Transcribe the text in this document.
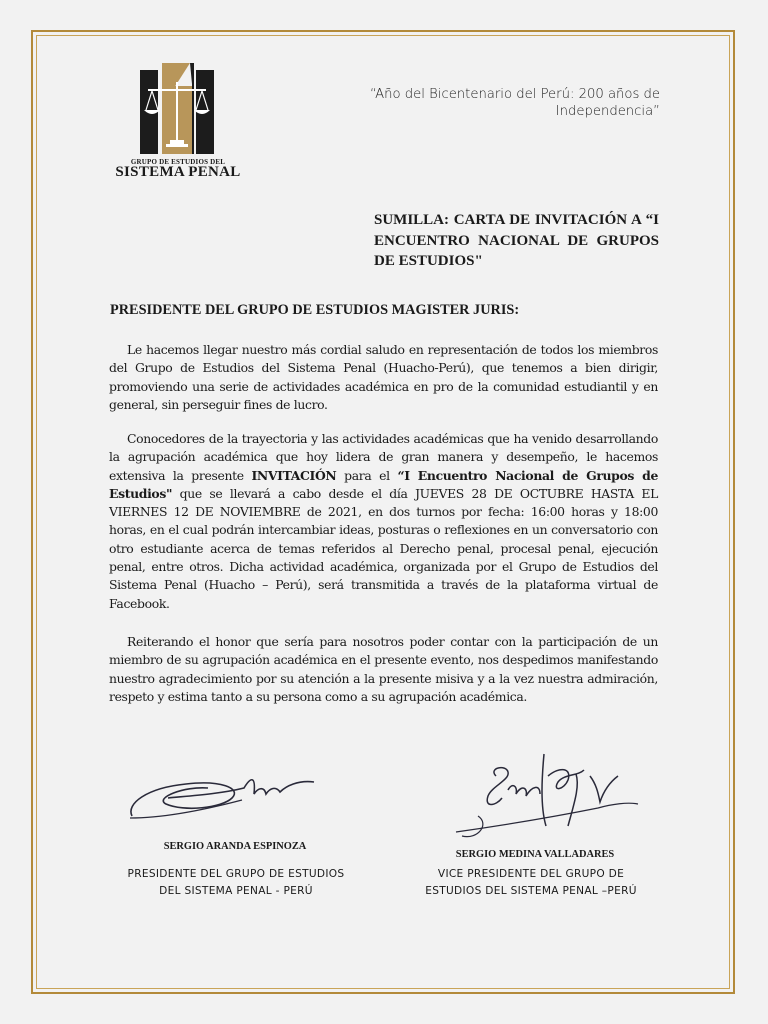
GRUPO DE ESTUDIOS DEL
SISTEMA PENAL
“Año del Bicentenario del Perú: 200 años de
Independencia”
SUMILLA: CARTA DE INVITACIÓN A “I ENCUENTRO NACIONAL DE GRUPOS DE ESTUDIOS"
PRESIDENTE DEL GRUPO DE ESTUDIOS MAGISTER JURIS:

Le hacemos llegar nuestro más cordial saludo en representación de todos los miembros del Grupo de Estudios del Sistema Penal (Huacho-Perú), que tenemos a bien dirigir, promoviendo una serie de actividades académica en pro de la comunidad estudiantil y en general, sin perseguir fines de lucro.

Conocedores de la trayectoria y las actividades académicas que ha venido desarrollando la agrupación académica que hoy lidera de gran manera y desempeño, le hacemos extensiva la presente INVITACIÓN para el “I Encuentro Nacional de Grupos de Estudios" que se llevará a cabo desde el día JUEVES 28 DE OCTUBRE HASTA EL VIERNES 12 DE NOVIEMBRE de 2021, en dos turnos por fecha: 16:00 horas y 18:00 horas, en el cual podrán intercambiar ideas, posturas o reflexiones en un conversatorio con otro estudiante acerca de temas referidos al Derecho penal, procesal penal, ejecución penal, entre otros. Dicha actividad académica, organizada por el Grupo de Estudios del Sistema Penal (Huacho – Perú), será transmitida a través de la plataforma virtual de Facebook.

Reiterando el honor que sería para nosotros poder contar con la participación de un miembro de su agrupación académica en el presente evento, nos despedimos manifestando nuestro agradecimiento por su atención a la presente misiva y a la vez nuestra admiración, respeto y estima tanto a su persona como a su agrupación académica.

SERGIO ARANDA ESPINOZA
PRESIDENTE DEL GRUPO DE ESTUDIOS
DEL SISTEMA PENAL - PERÚ
SERGIO MEDINA VALLADARES
VICE PRESIDENTE DEL GRUPO DE
ESTUDIOS DEL SISTEMA PENAL –PERÚ
